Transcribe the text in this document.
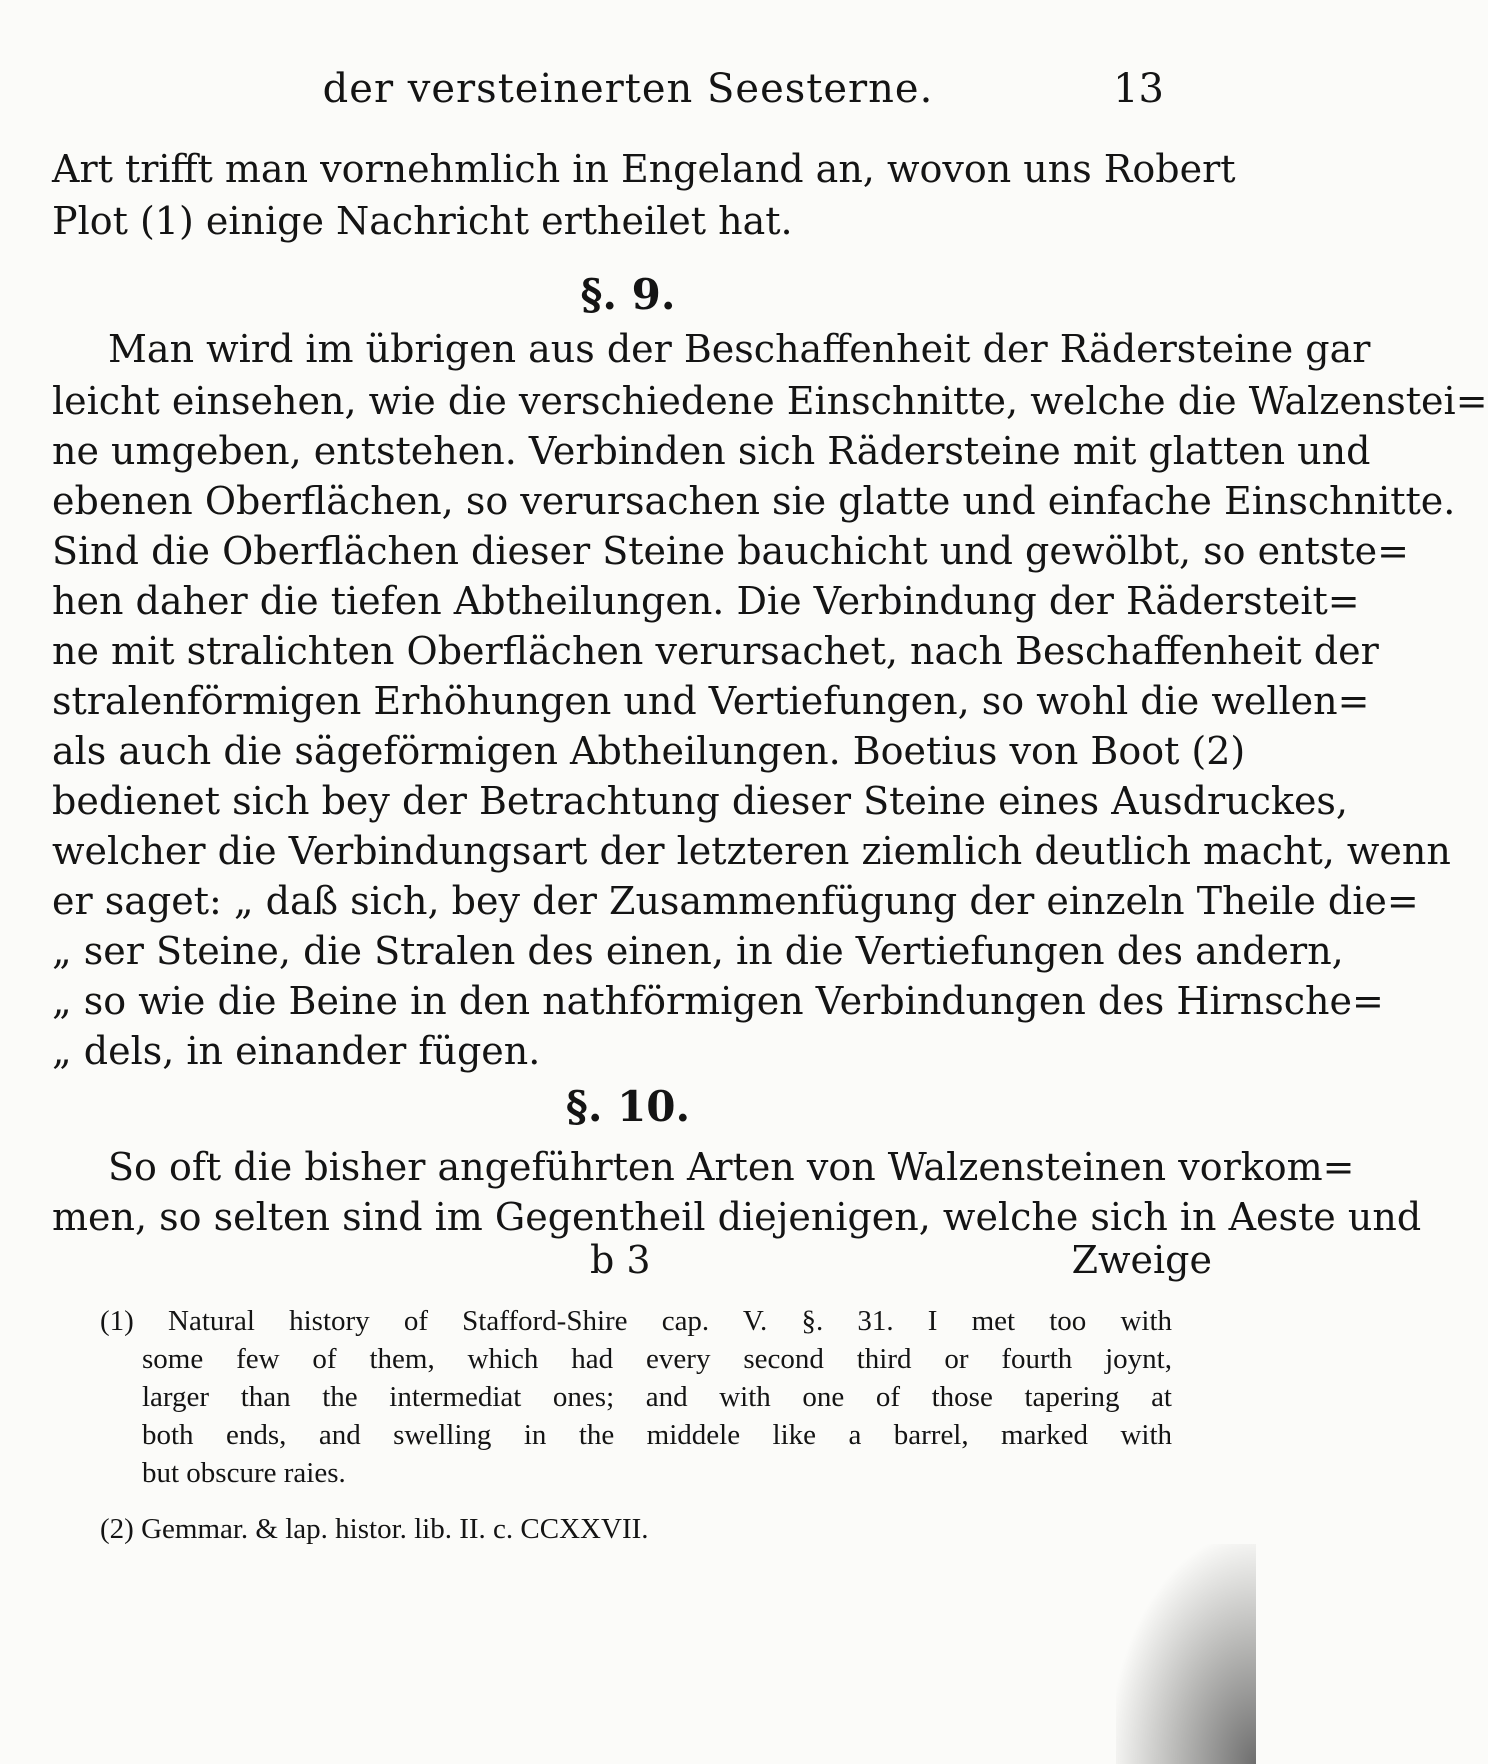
der versteinerten Seesterne.	13
Art trifft man vornehmlich in Engeland an, wovon uns Robert
Plot (1) einige Nachricht ertheilet hat.
§. 9.
Man wird im übrigen aus der Beschaffenheit der Rädersteine gar
leicht einsehen, wie die verschiedene Einschnitte, welche die Walzenstei=
ne umgeben, entstehen. Verbinden sich Rädersteine mit glatten und
ebenen Oberflächen, so verursachen sie glatte und einfache Einschnitte.
Sind die Oberflächen dieser Steine bauchicht und gewölbt, so entste=
hen daher die tiefen Abtheilungen. Die Verbindung der Rädersteit=
ne mit stralichten Oberflächen verursachet, nach Beschaffenheit der
stralenförmigen Erhöhungen und Vertiefungen, so wohl die wellen=
als auch die sägeförmigen Abtheilungen. Boetius von Boot (2)
bedienet sich bey der Betrachtung dieser Steine eines Ausdruckes,
welcher die Verbindungsart der letzteren ziemlich deutlich macht, wenn
er saget: „ daß sich, bey der Zusammenfügung der einzeln Theile die=
„ ser Steine, die Stralen des einen, in die Vertiefungen des andern,
„ so wie die Beine in den nathförmigen Verbindungen des Hirnsche=
„ dels, in einander fügen.
§. 10.
So oft die bisher angeführten Arten von Walzensteinen vorkom=
men, so selten sind im Gegentheil diejenigen, welche sich in Aeste und
b 3	Zweige
(1) Natural history of Stafford-Shire cap. V. §. 31. I met too with
some few of them, which had every second third or fourth joynt,
larger than the intermediat ones; and with one of those tapering at
both ends, and swelling in the middele like a barrel, marked with
but obscure raies.
(2) Gemmar. & lap. histor. lib. II. c. CCXXVII.
